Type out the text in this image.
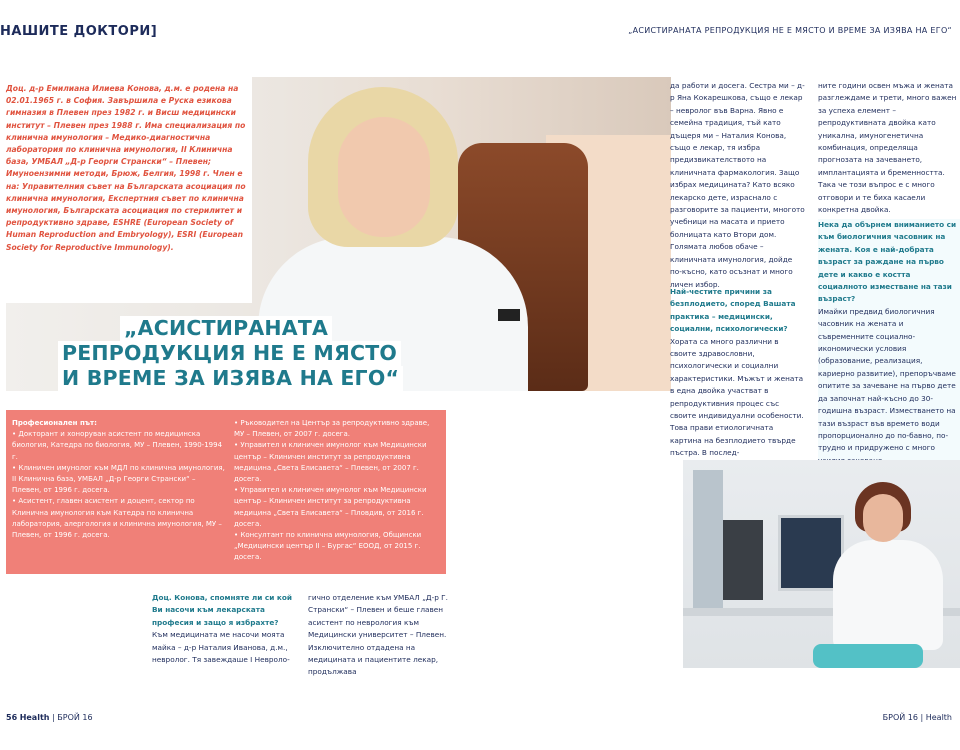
НАШИТЕ ДОКТОРИ]	„АСИСТИРАНАТА РЕПРОДУКЦИЯ НЕ Е МЯСТО И ВРЕМЕ ЗА ИЗЯВА НА ЕГО“

Доц. д-р Емилиана Илиева Конова, д.м. е родена на 02.01.1965 г. в София. Завършила е Руска езикова гимназия в Плевен през 1982 г. и Висш медицински институт – Плевен през 1988 г. Има специализация по клинична имунология – Медико-диагностична лаборатория по клинична имунология, II Клинична база, УМБАЛ „Д-р Георги Странски“ – Плевен; Имуноензимни методи, Брюж, Белгия, 1998 г. Член е на: Управителния съвет на Българската асоциация по клинична имунология, Експертния съвет по клинична имунология, Българската асоциация по стерилитет и репродуктивно здраве, ESHRE (European Society of Human Reproduction and Embryology), ESRI (European Society for Reproductive Immunology).

„АСИСТИРАНАТА
РЕПРОДУКЦИЯ НЕ Е МЯСТО
И ВРЕМЕ ЗА ИЗЯВА НА ЕГО“

Професионален път:

• Докторант и хоноруван асистент по медицинска биология, Катедра по биология, МУ – Плевен, 1990-1994 г.

• Клиничен имунолог към МДЛ по клинична имунология, II Клинична база, УМБАЛ „Д-р Георги Странски“ – Плевен, от 1996 г. досега.

• Асистент, главен асистент и доцент, сектор по Клинична имунология към Катедра по клинична лаборатория, алергология и клинична имунология, МУ – Плевен, от 1996 г. досега.

• Ръководител на Център за репродуктивно здраве, МУ – Плевен, от 2007 г. досега.

• Управител и клиничен имунолог към Медицински център – Клиничен институт за репродуктивна медицина „Света Елисавета“ – Плевен, от 2007 г. досега.

• Управител и клиничен имунолог към Медицински център – Клиничен институт за репродуктивна медицина „Света Елисавета“ – Пловдив, от 2016 г. досега.

• Консултант по клинична имунология, Общински „Медицински център II – Бургас“ ЕООД, от 2015 г. досега.

Доц. Конова, спомняте ли си кой Ви насочи към лекарската професия и защо я избрахте?

Към медицината ме насочи моята майка – д-р Наталия Иванова, д.м., невролог. Тя завеждаше I Невроло-

гично отделение към УМБАЛ „Д-р Г. Странски“ – Плевен и беше главен асистент по неврология към Медицински университет – Плевен. Изключително отдадена на медицината и пациентите лекар, продължава

да работи и досега. Сестра ми – д-р Яна Кокарешкова, също е лекар – невролог във Варна. Явно е семейна традиция, тъй като дъщеря ми – Наталия Конова, също е лекар, тя избра предизвикателството на клиничната фармакология. Защо избрах медицината? Като всяко лекарско дете, израснало с разговорите за пациенти, многото учебници на масата и прието болницата като Втори дом. Голямата любов обаче – клиничната имунология, дойде по-късно, като осъзнат и много личен избор.

Най-честите причини за безплодието, според Вашата практика – медицински, социални, психологически?

Хората са много различни в своите здравословни, психологически и социални характеристики. Мъжът и жената в една двойка участват в репродуктивния процес със своите индивидуални особености. Това прави етиологичната картина на безплодието твърде пъстра. В послед-

ните години освен мъжа и жената разглеждаме и трети, много важен за успеха елемент – репродуктивната двойка като уникална, имуногенетична комбинация, определяща прогнозата на зачеването, имплантацията и бременността. Така че този въпрос е с много отговори и те биха касаели конкретна двойка.

Нека да обърнем вниманието си към биологичния часовник на жената. Коя е най-добрата възраст за раждане на първо дете и какво е костта социалното изместване на тази възраст?

Имайки предвид биологичния часовник на жената и съвременните социално-икономически условия (образование, реализация, кариерно развитие), препоръчваме опитите за зачеване на първо дете да започнат най-късно до 30-годишна възраст. Изместването на тази възраст във времето води пропорционално до по-бавно, по-трудно и придружено с много

56 Health | БРОЙ 16	БРОЙ 16 | Health
